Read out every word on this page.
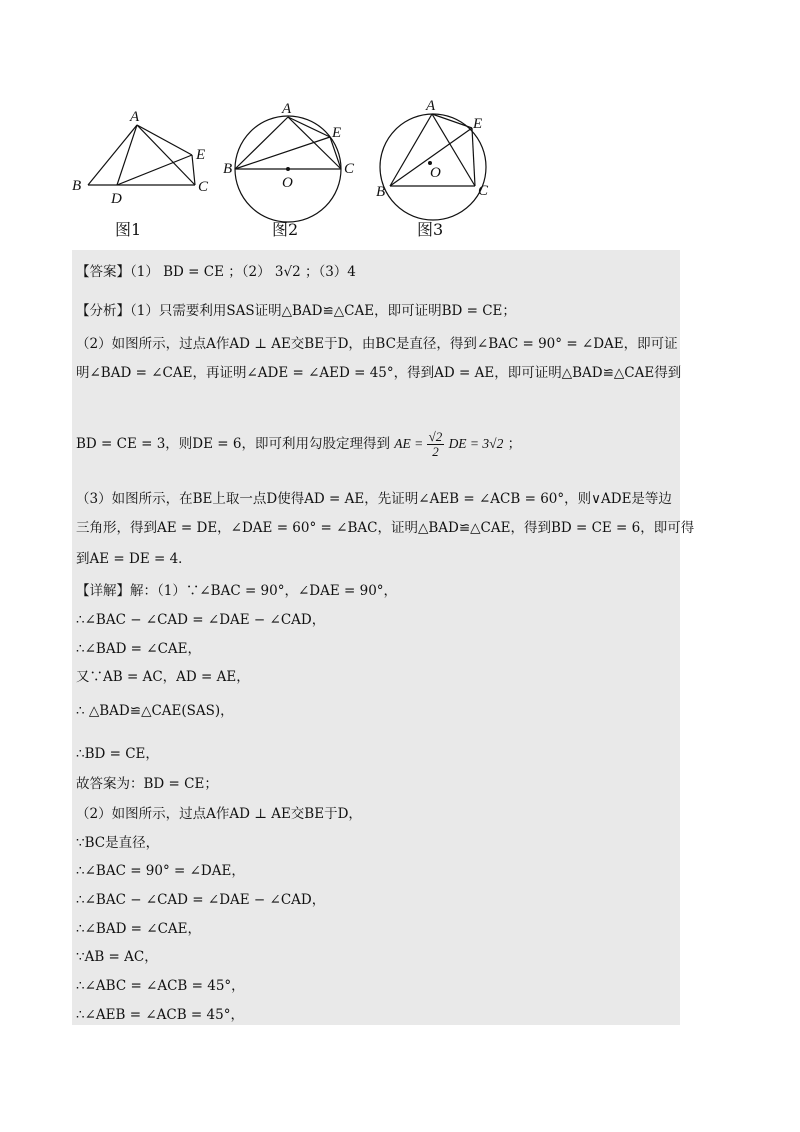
A
B	C
D
E
A
B	C
E
O
A
B	C
E
O
图1	图2	图3
【答案】（1） BD = CE ；（2） 3√2 ；（3）4
【分析】（1）只需要利用SAS证明△BAD≌△CAE，即可证明BD = CE；
（2）如图所示，过点A作AD ⊥ AE交BE于D，由BC是直径，得到∠BAC = 90° = ∠DAE，即可证
明∠BAD = ∠CAE，再证明∠ADE = ∠AED = 45°，得到AD = AE，即可证明△BAD≌△CAE得到
BD = CE = 3，则DE = 6，即可利用勾股定理得到 AE = $\frac{√2}{2}$ DE = 3√2 ；
（3）如图所示，在BE上取一点D使得AD = AE，先证明∠AEB = ∠ACB = 60°，则∨ADE是等边
三角形，得到AE = DE，∠DAE = 60° = ∠BAC，证明△BAD≌△CAE，得到BD = CE = 6，即可得
到AE = DE = 4．
【详解】解：（1）∵∠BAC = 90°，∠DAE = 90°，
∴∠BAC − ∠CAD = ∠DAE − ∠CAD，
∴∠BAD = ∠CAE，
又∵AB = AC，AD = AE，
∴ △BAD≌△CAE(SAS)，
∴BD = CE，
故答案为：BD = CE；
（2）如图所示，过点A作AD ⊥ AE交BE于D，
∵BC是直径，
∴∠BAC = 90° = ∠DAE，
∴∠BAC − ∠CAD = ∠DAE − ∠CAD，
∴∠BAD = ∠CAE，
∵AB = AC，
∴∠ABC = ∠ACB = 45°，
∴∠AEB = ∠ACB = 45°，
